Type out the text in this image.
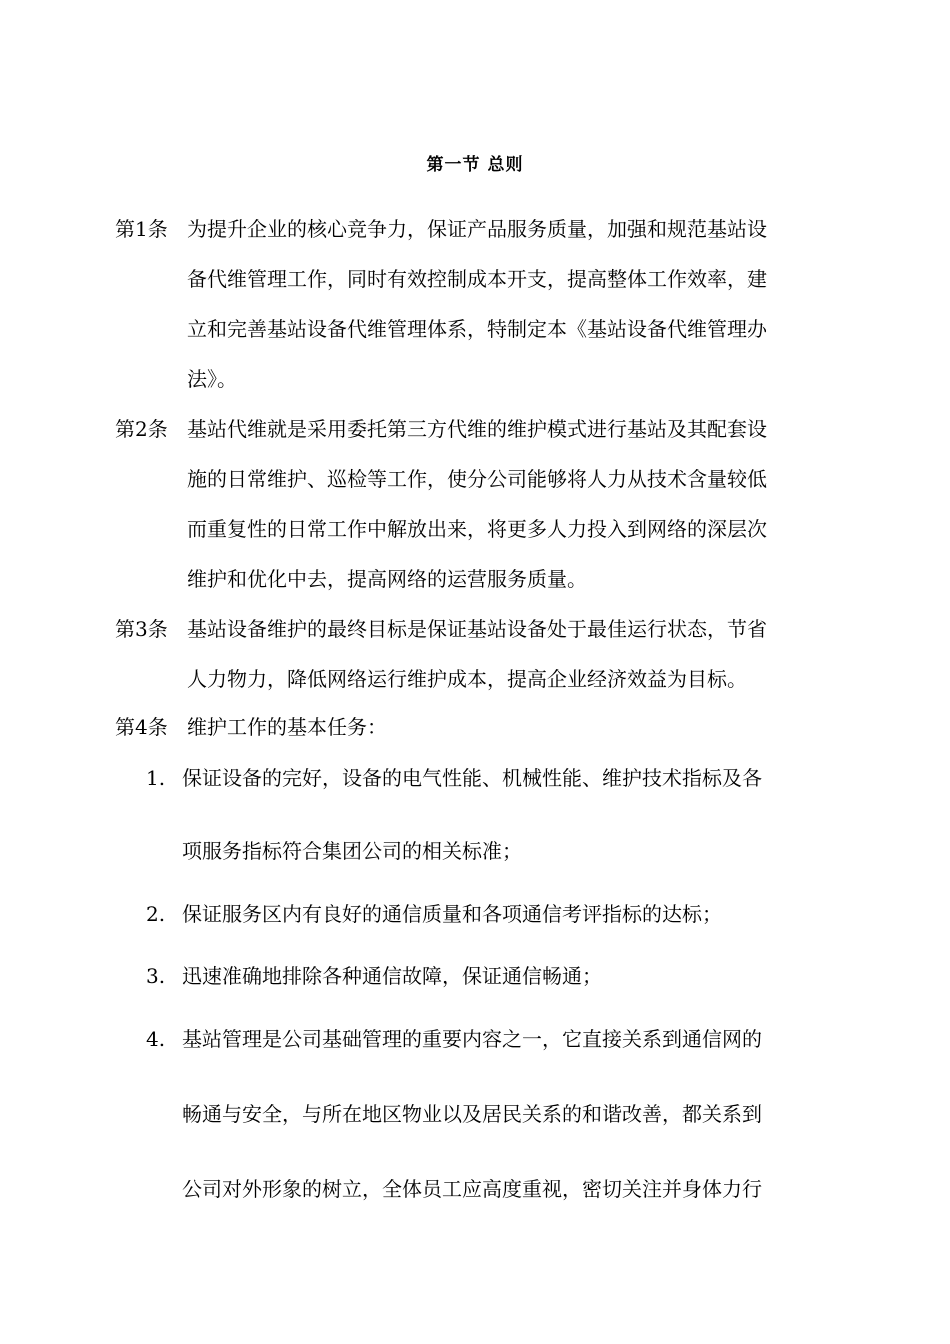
第一节 总则
第1条 为提升企业的核心竞争力，保证产品服务质量，加强和规范基站设
备代维管理工作，同时有效控制成本开支，提高整体工作效率，建
立和完善基站设备代维管理体系，特制定本《基站设备代维管理办
法》。
第2条 基站代维就是采用委托第三方代维的维护模式进行基站及其配套设
施的日常维护、巡检等工作，使分公司能够将人力从技术含量较低
而重复性的日常工作中解放出来，将更多人力投入到网络的深层次
维护和优化中去，提高网络的运营服务质量。
第3条 基站设备维护的最终目标是保证基站设备处于最佳运行状态，节省
人力物力，降低网络运行维护成本，提高企业经济效益为目标。
第4条 维护工作的基本任务：
1. 保证设备的完好，设备的电气性能、机械性能、维护技术指标及各
项服务指标符合集团公司的相关标准；
2. 保证服务区内有良好的通信质量和各项通信考评指标的达标；
3. 迅速准确地排除各种通信故障，保证通信畅通；
4. 基站管理是公司基础管理的重要内容之一，它直接关系到通信网的
畅通与安全，与所在地区物业以及居民关系的和谐改善，都关系到
公司对外形象的树立，全体员工应高度重视，密切关注并身体力行
